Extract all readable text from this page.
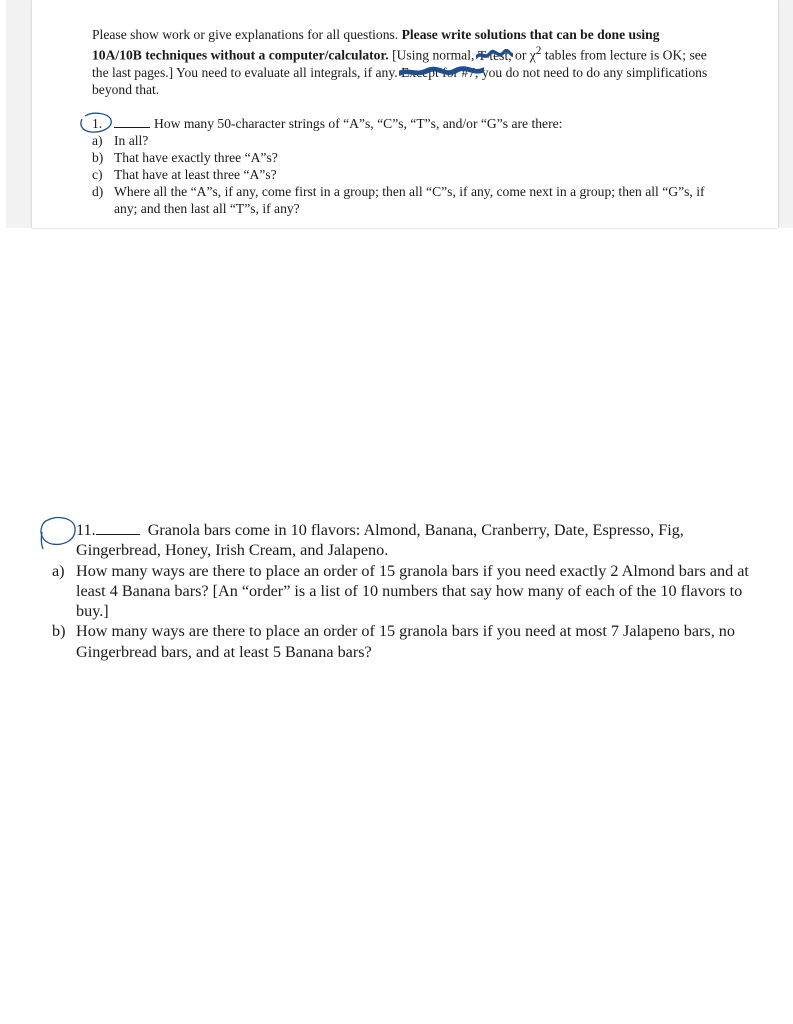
Please show work or give explanations for all questions. Please write solutions that can be done using 10A/10B techniques without a computer/calculator. [Using normal, T-test,
or $\chi^2$ tables from lecture is OK; see the last pages.] You need to evaluate all integrals, if any. Except for #7,
you do not need to do any simplifications beyond that.
1.	How many 50-character strings of “A”s, “C”s, “T”s, and/or “G”s are there:
a) In all?
b) That have exactly three “A”s?
c) That have at least three “A”s?
d) Where all the “A”s, if any, come first in a group; then all “C”s, if any, come next in a group; then all “G”s, if any; and then last all “T”s, if any?
11.	Granola bars come in 10 flavors: Almond, Banana, Cranberry, Date, Espresso, Fig, Gingerbread, Honey, Irish Cream, and Jalapeno.
a) How many ways are there to place an order of 15 granola bars if you need exactly 2 Almond bars and at least 4 Banana bars? [An “order” is a list of 10 numbers that say how many of each of the 10 flavors to buy.]
b) How many ways are there to place an order of 15 granola bars if you need at most 7 Jalapeno bars, no Gingerbread bars, and at least 5 Banana bars?
